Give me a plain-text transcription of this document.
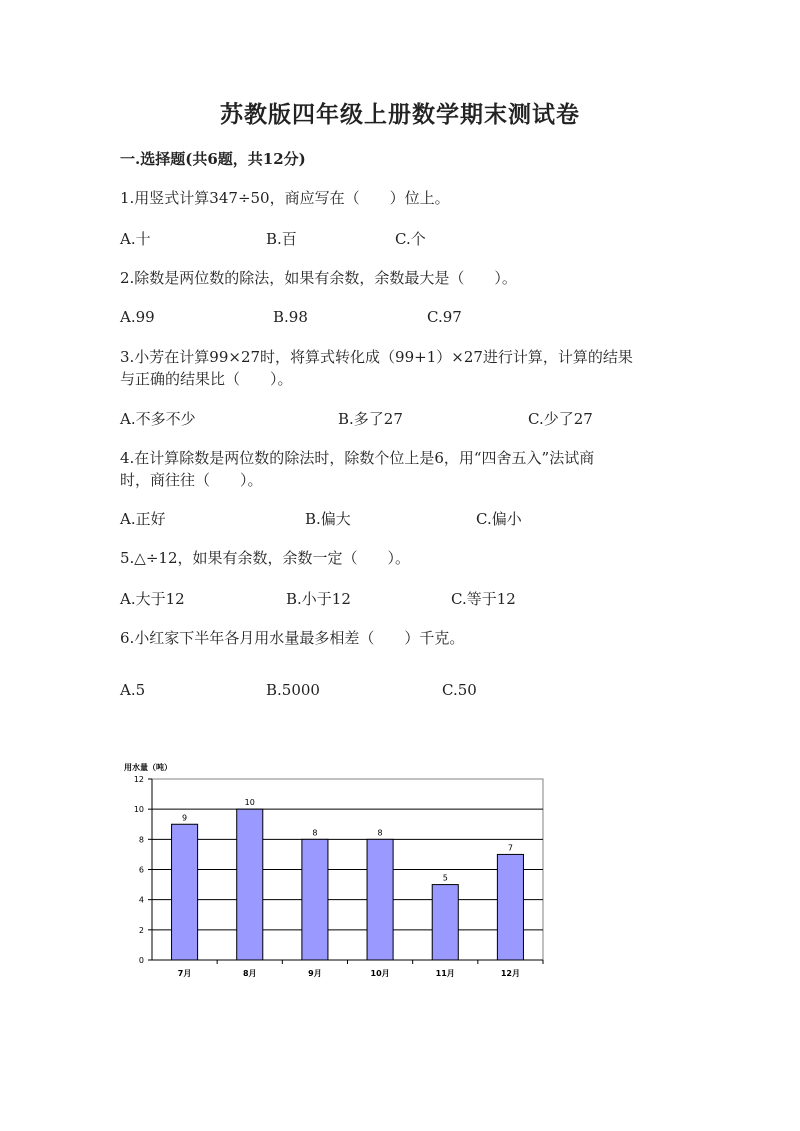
苏教版四年级上册数学期末测试卷
一.选择题(共6题，共12分)
1.用竖式计算347÷50，商应写在（　　）位上。
A.十	B.百	C.个
2.除数是两位数的除法，如果有余数，余数最大是（　　）。
A.99	B.98	C.97
3.小芳在计算99×27时，将算式转化成（99+1）×27进行计算，计算的结果
与正确的结果比（　　）。
A.不多不少	B.多了27	C.少了27
4.在计算除数是两位数的除法时，除数个位上是6，用“四舍五入”法试商
时，商往往（　　）。
A.正好	B.偏大	C.偏小
5.△÷12，如果有余数，余数一定（　　）。
A.大于12	B.小于12	C.等于12
6.小红家下半年各月用水量最多相差（　　）千克。
A.5	B.5000	C.50
用水量（吨）
0
2
4
6
8
10
12
9
7月
10
8月
8
9月
8
10月
5
11月
7
12月
